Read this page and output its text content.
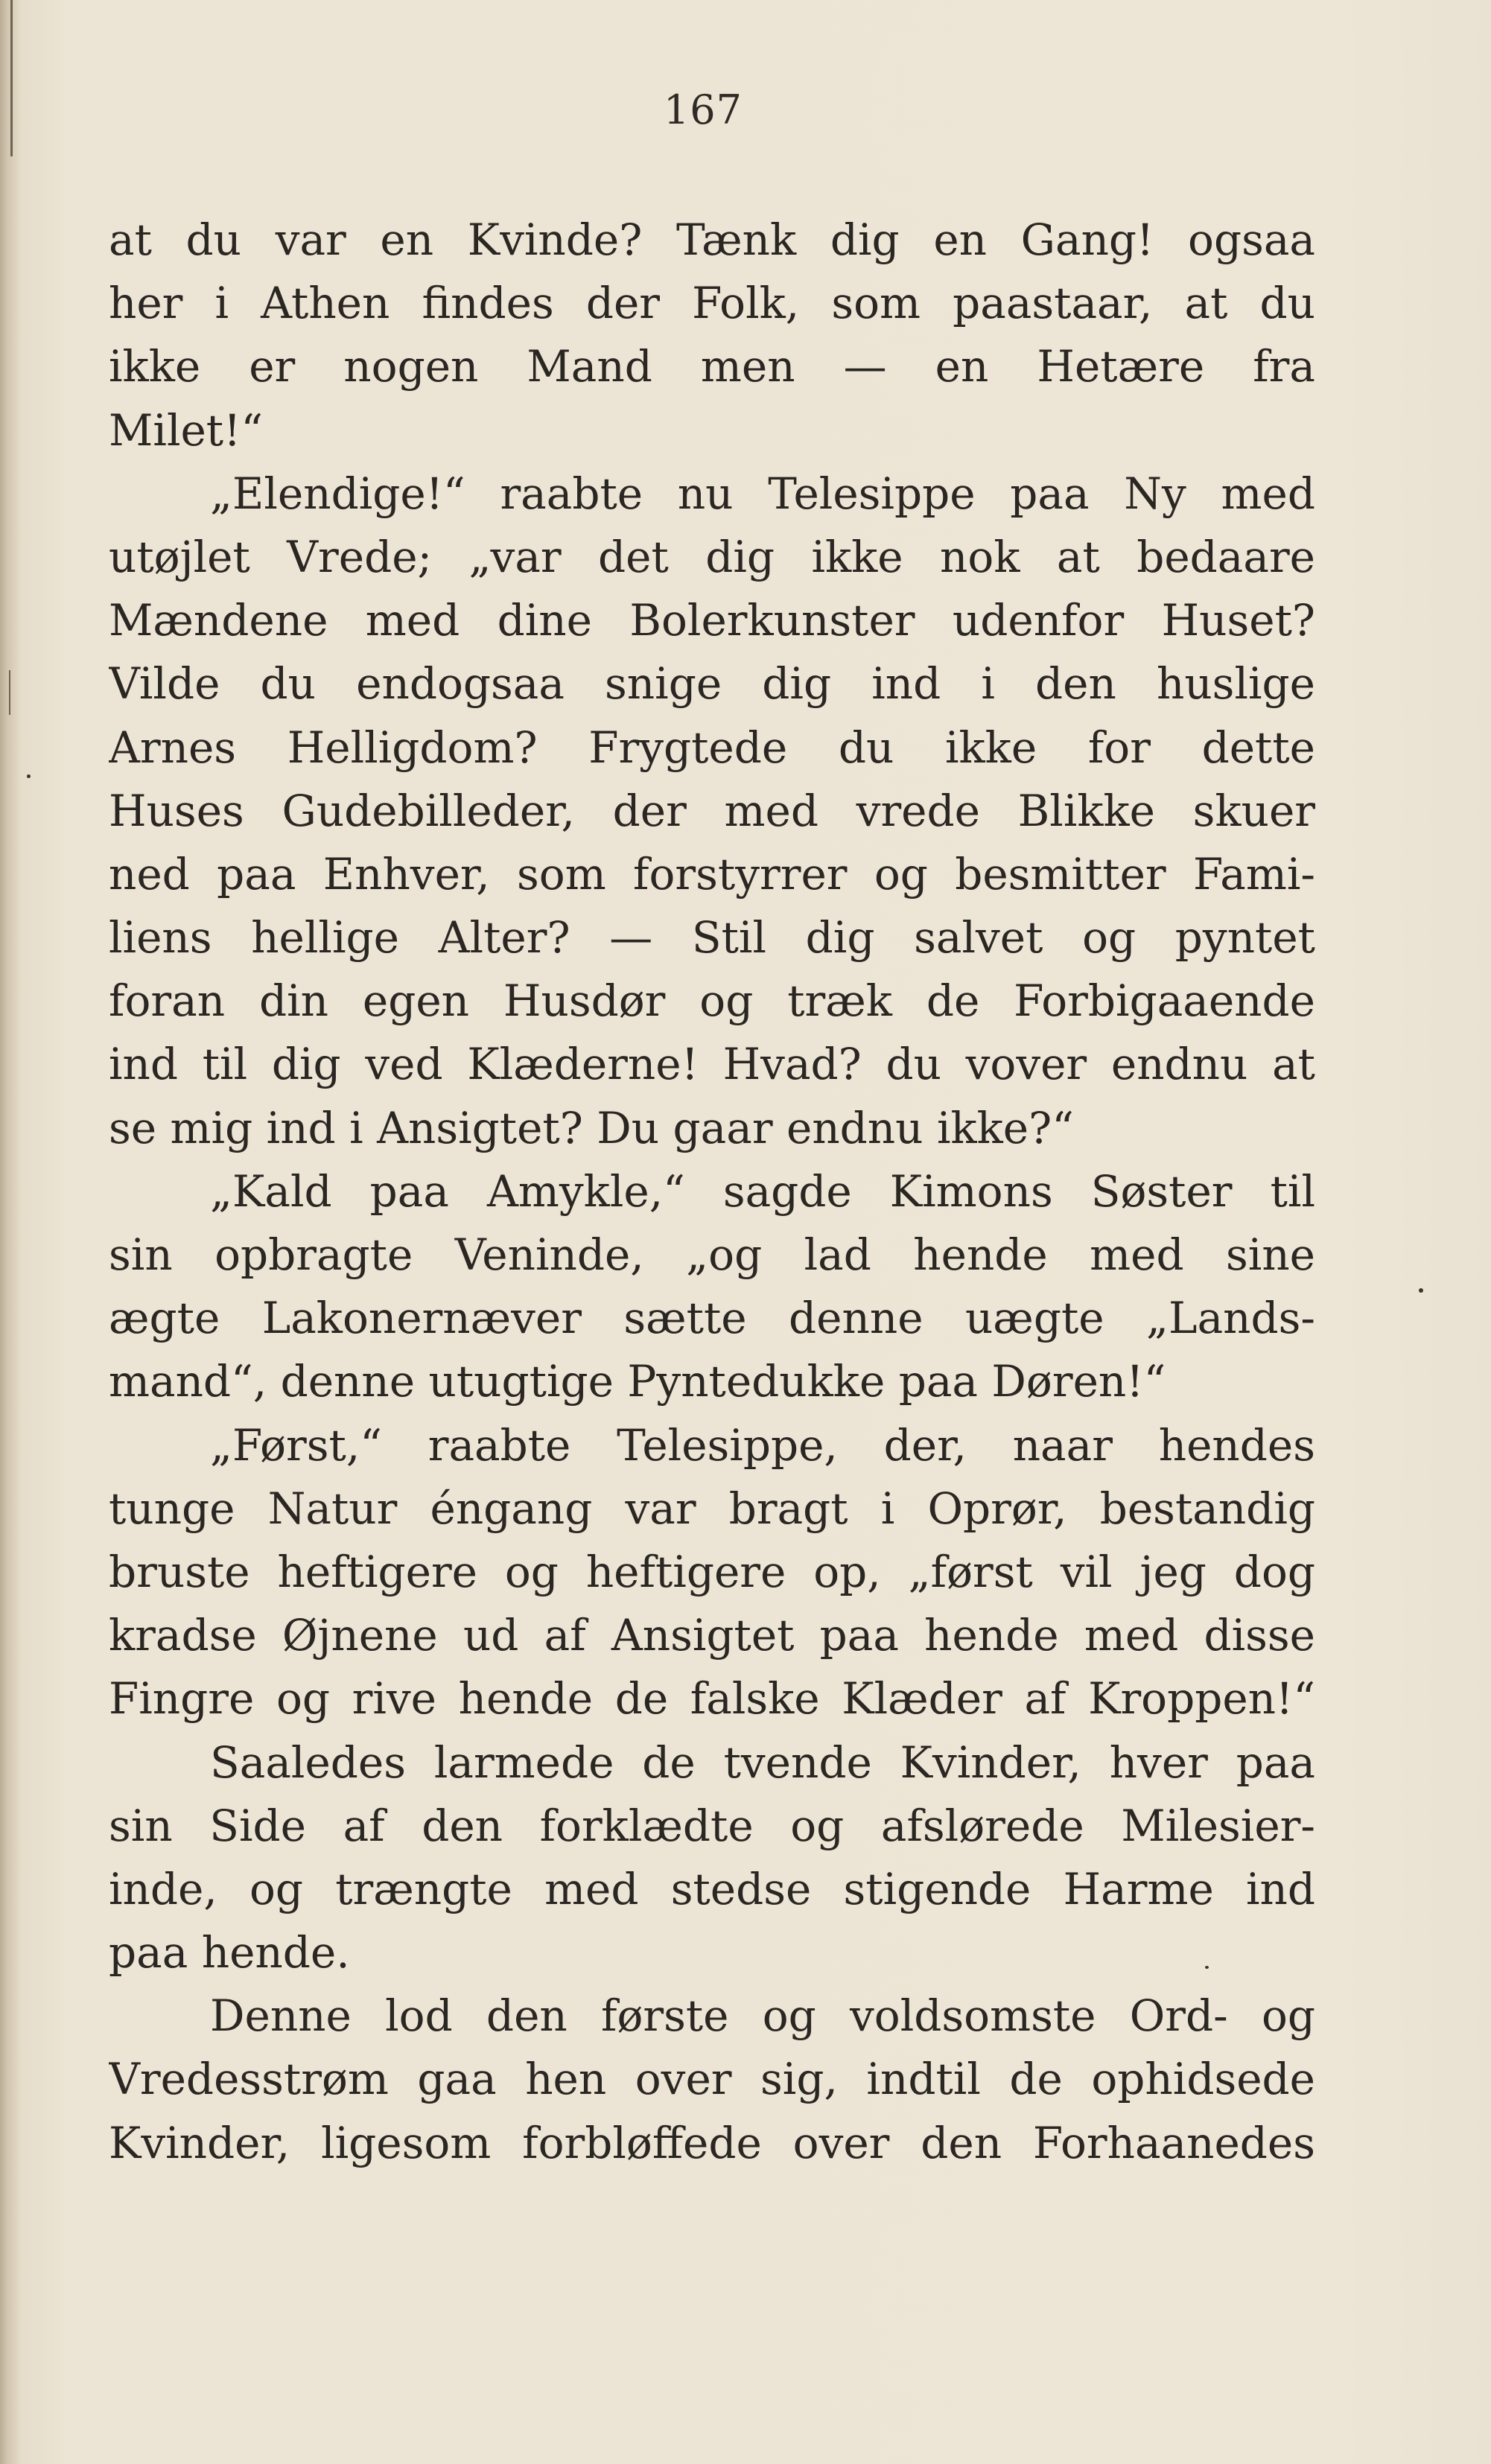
167
at du var en Kvinde? Tænk dig en Gang! ogsaa
her i Athen findes der Folk, som paastaar, at du
ikke er nogen Mand men — en Hetære fra
Milet!“
„Elendige!“ raabte nu Telesippe paa Ny med
utøjlet Vrede; „var det dig ikke nok at bedaare
Mændene med dine Bolerkunster udenfor Huset?
Vilde du endogsaa snige dig ind i den huslige
Arnes Helligdom? Frygtede du ikke for dette
Huses Gudebilleder, der med vrede Blikke skuer
ned paa Enhver, som forstyrrer og besmitter Fami-
liens hellige Alter? — Stil dig salvet og pyntet
foran din egen Husdør og træk de Forbigaaende
ind til dig ved Klæderne! Hvad? du vover endnu at
se mig ind i Ansigtet? Du gaar endnu ikke?“
„Kald paa Amykle,“ sagde Kimons Søster til
sin opbragte Veninde, „og lad hende med sine
ægte Lakonernæver sætte denne uægte „Lands-
mand“, denne utugtige Pyntedukke paa Døren!“
„Først,“ raabte Telesippe, der, naar hendes
tunge Natur éngang var bragt i Oprør, bestandig
bruste heftigere og heftigere op, „først vil jeg dog
kradse Øjnene ud af Ansigtet paa hende med disse
Fingre og rive hende de falske Klæder af Kroppen!“
Saaledes larmede de tvende Kvinder, hver paa
sin Side af den forklædte og afslørede Milesier-
inde, og trængte med stedse stigende Harme ind
paa hende.
Denne lod den første og voldsomste Ord- og
Vredesstrøm gaa hen over sig, indtil de ophidsede
Kvinder, ligesom forbløffede over den Forhaanedes
